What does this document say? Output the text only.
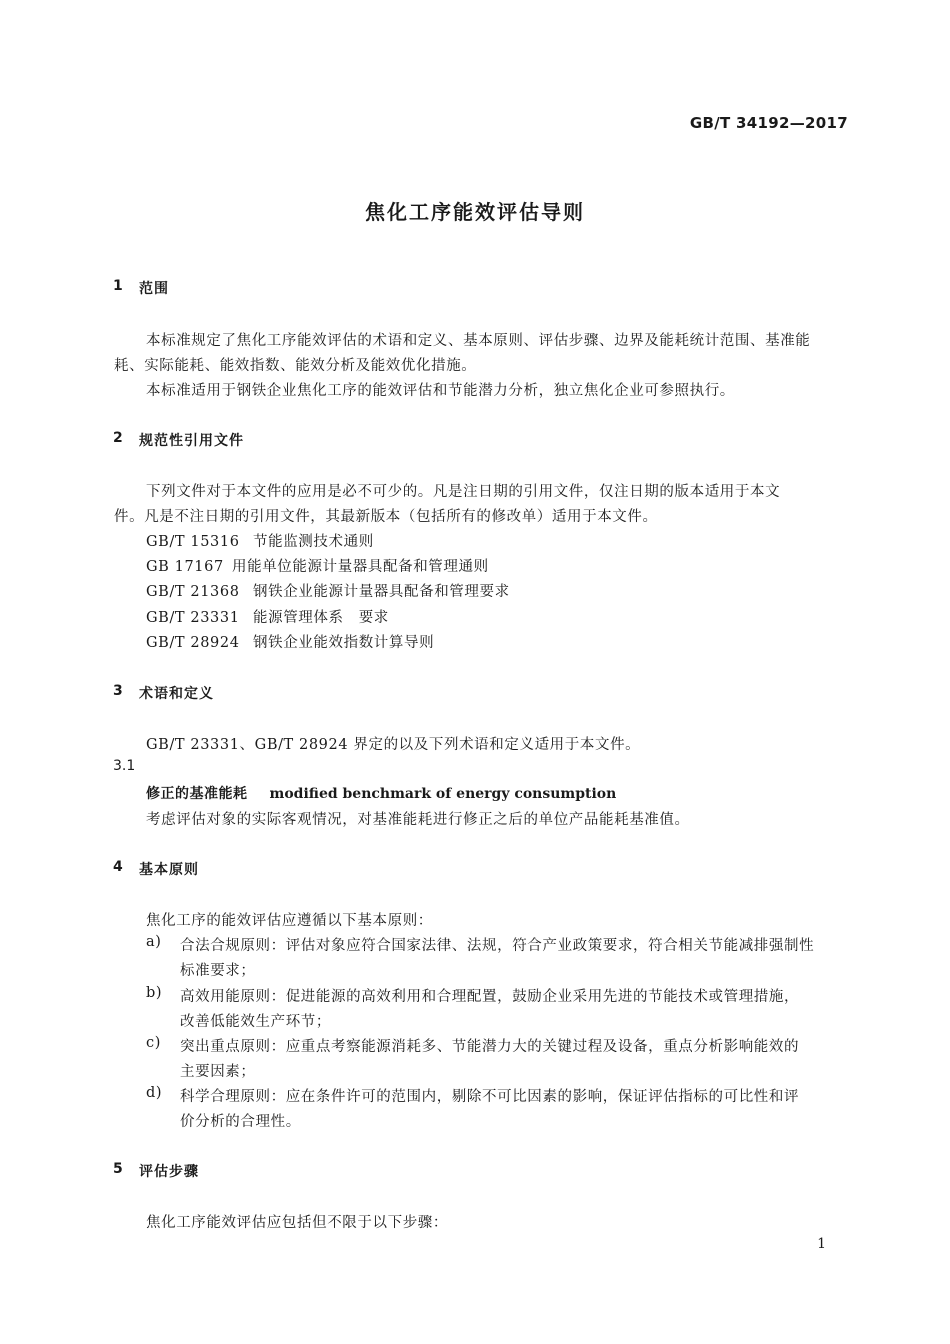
GB/T 34192—2017
焦化工序能效评估导则
1 范围
本标准规定了焦化工序能效评估的术语和定义、基本原则、评估步骤、边界及能耗统计范围、基准能
耗、实际能耗、能效指数、能效分析及能效优化措施。
本标准适用于钢铁企业焦化工序的能效评估和节能潜力分析，独立焦化企业可参照执行。
2 规范性引用文件
下列文件对于本文件的应用是必不可少的。凡是注日期的引用文件，仅注日期的版本适用于本文
件。凡是不注日期的引用文件，其最新版本（包括所有的修改单）适用于本文件。
GB/T 15316 节能监测技术通则
GB 17167 用能单位能源计量器具配备和管理通则
GB/T 21368 钢铁企业能源计量器具配备和管理要求
GB/T 23331 能源管理体系　要求
GB/T 28924 钢铁企业能效指数计算导则
3 术语和定义
GB/T 23331、GB/T 28924 界定的以及下列术语和定义适用于本文件。
3.1
修正的基准能耗 modified benchmark of energy consumption
考虑评估对象的实际客观情况，对基准能耗进行修正之后的单位产品能耗基准值。
4 基本原则
焦化工序的能效评估应遵循以下基本原则：
a) 合法合规原则：评估对象应符合国家法律、法规，符合产业政策要求，符合相关节能减排强制性
标准要求；
b) 高效用能原则：促进能源的高效利用和合理配置，鼓励企业采用先进的节能技术或管理措施，
改善低能效生产环节；
c) 突出重点原则：应重点考察能源消耗多、节能潜力大的关键过程及设备，重点分析影响能效的
主要因素；
d) 科学合理原则：应在条件许可的范围内，剔除不可比因素的影响，保证评估指标的可比性和评
价分析的合理性。
5 评估步骤
焦化工序能效评估应包括但不限于以下步骤：
1
